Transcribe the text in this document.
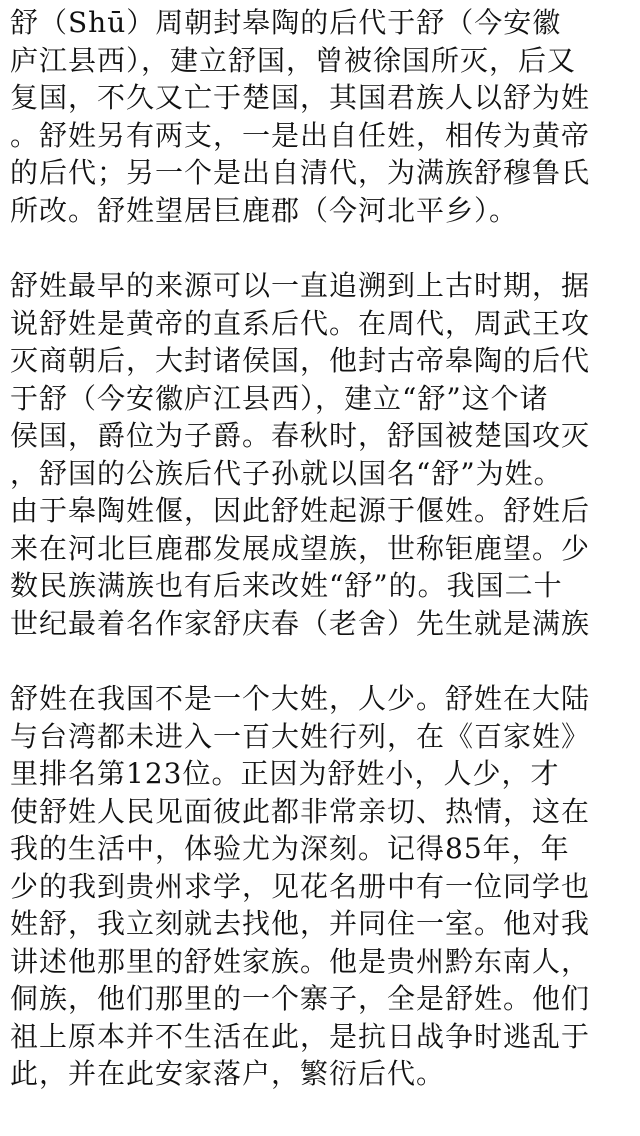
舒（Shū）周朝封皋陶的后代于舒（今安徽
庐江县西），建立舒国，曾被徐国所灭，后又
复国，不久又亡于楚国，其国君族人以舒为姓
。舒姓另有两支，一是出自任姓，相传为黄帝
的后代；另一个是出自清代，为满族舒穆鲁氏
所改。舒姓望居巨鹿郡（今河北平乡）。
舒姓最早的来源可以一直追溯到上古时期，据
说舒姓是黄帝的直系后代。在周代，周武王攻
灭商朝后，大封诸侯国，他封古帝皋陶的后代
于舒（今安徽庐江县西），建立“舒”这个诸
侯国，爵位为子爵。春秋时，舒国被楚国攻灭
，舒国的公族后代子孙就以国名“舒”为姓。
由于皋陶姓偃，因此舒姓起源于偃姓。舒姓后
来在河北巨鹿郡发展成望族，世称钜鹿望。少
数民族满族也有后来改姓“舒”的。我国二十
世纪最着名作家舒庆春（老舍）先生就是满族
舒姓在我国不是一个大姓，人少。舒姓在大陆
与台湾都未进入一百大姓行列，在《百家姓》
里排名第123位。正因为舒姓小，人少，才
使舒姓人民见面彼此都非常亲切、热情，这在
我的生活中，体验尤为深刻。记得85年，年
少的我到贵州求学，见花名册中有一位同学也
姓舒，我立刻就去找他，并同住一室。他对我
讲述他那里的舒姓家族。他是贵州黔东南人，
侗族，他们那里的一个寨子，全是舒姓。他们
祖上原本并不生活在此，是抗日战争时逃乱于
此，并在此安家落户，繁衍后代。
